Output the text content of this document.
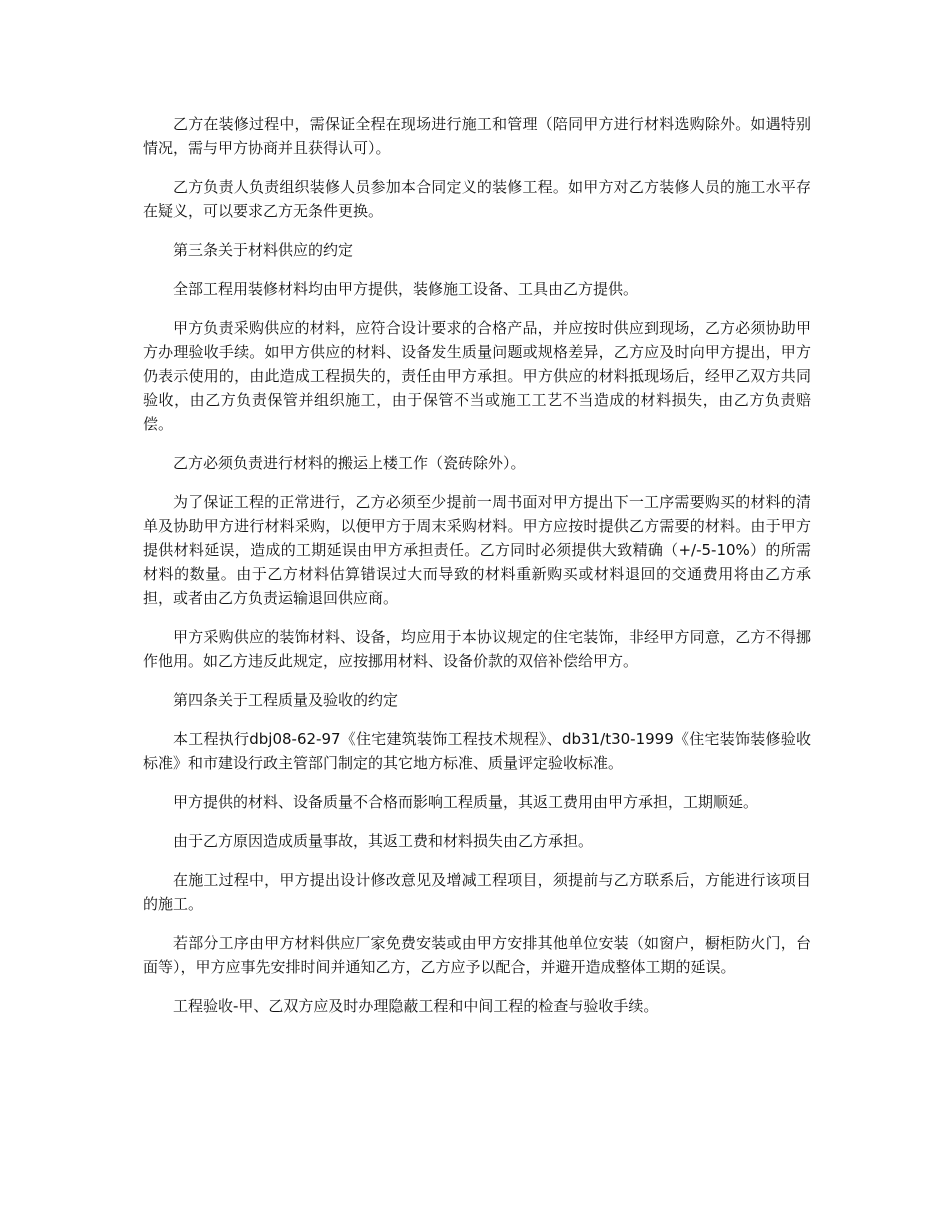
乙方在装修过程中，需保证全程在现场进行施工和管理（陪同甲方进行材料选购除外。如遇特别情况，需与甲方协商并且获得认可）。

乙方负责人负责组织装修人员参加本合同定义的装修工程。如甲方对乙方装修人员的施工水平存在疑义，可以要求乙方无条件更换。

第三条关于材料供应的约定

全部工程用装修材料均由甲方提供，装修施工设备、工具由乙方提供。

甲方负责采购供应的材料，应符合设计要求的合格产品，并应按时供应到现场，乙方必须协助甲方办理验收手续。如甲方供应的材料、设备发生质量问题或规格差异，乙方应及时向甲方提出，甲方仍表示使用的，由此造成工程损失的，责任由甲方承担。甲方供应的材料抵现场后，经甲乙双方共同验收，由乙方负责保管并组织施工，由于保管不当或施工工艺不当造成的材料损失，由乙方负责赔偿。

乙方必须负责进行材料的搬运上楼工作（瓷砖除外）。

为了保证工程的正常进行，乙方必须至少提前一周书面对甲方提出下一工序需要购买的材料的清单及协助甲方进行材料采购，以便甲方于周末采购材料。甲方应按时提供乙方需要的材料。由于甲方提供材料延误，造成的工期延误由甲方承担责任。乙方同时必须提供大致精确（+/-5-10%）的所需材料的数量。由于乙方材料估算错误过大而导致的材料重新购买或材料退回的交通费用将由乙方承担，或者由乙方负责运输退回供应商。

甲方采购供应的装饰材料、设备，均应用于本协议规定的住宅装饰，非经甲方同意，乙方不得挪作他用。如乙方违反此规定，应按挪用材料、设备价款的双倍补偿给甲方。

第四条关于工程质量及验收的约定

本工程执行dbj08-62-97《住宅建筑装饰工程技术规程》、db31/t30-1999《住宅装饰装修验收标准》和市建设行政主管部门制定的其它地方标准、质量评定验收标准。

甲方提供的材料、设备质量不合格而影响工程质量，其返工费用由甲方承担，工期顺延。

由于乙方原因造成质量事故，其返工费和材料损失由乙方承担。

在施工过程中，甲方提出设计修改意见及增减工程项目，须提前与乙方联系后，方能进行该项目的施工。

若部分工序由甲方材料供应厂家免费安装或由甲方安排其他单位安装（如窗户，橱柜防火门，台面等），甲方应事先安排时间并通知乙方，乙方应予以配合，并避开造成整体工期的延误。

工程验收-甲、乙双方应及时办理隐蔽工程和中间工程的检查与验收手续。
